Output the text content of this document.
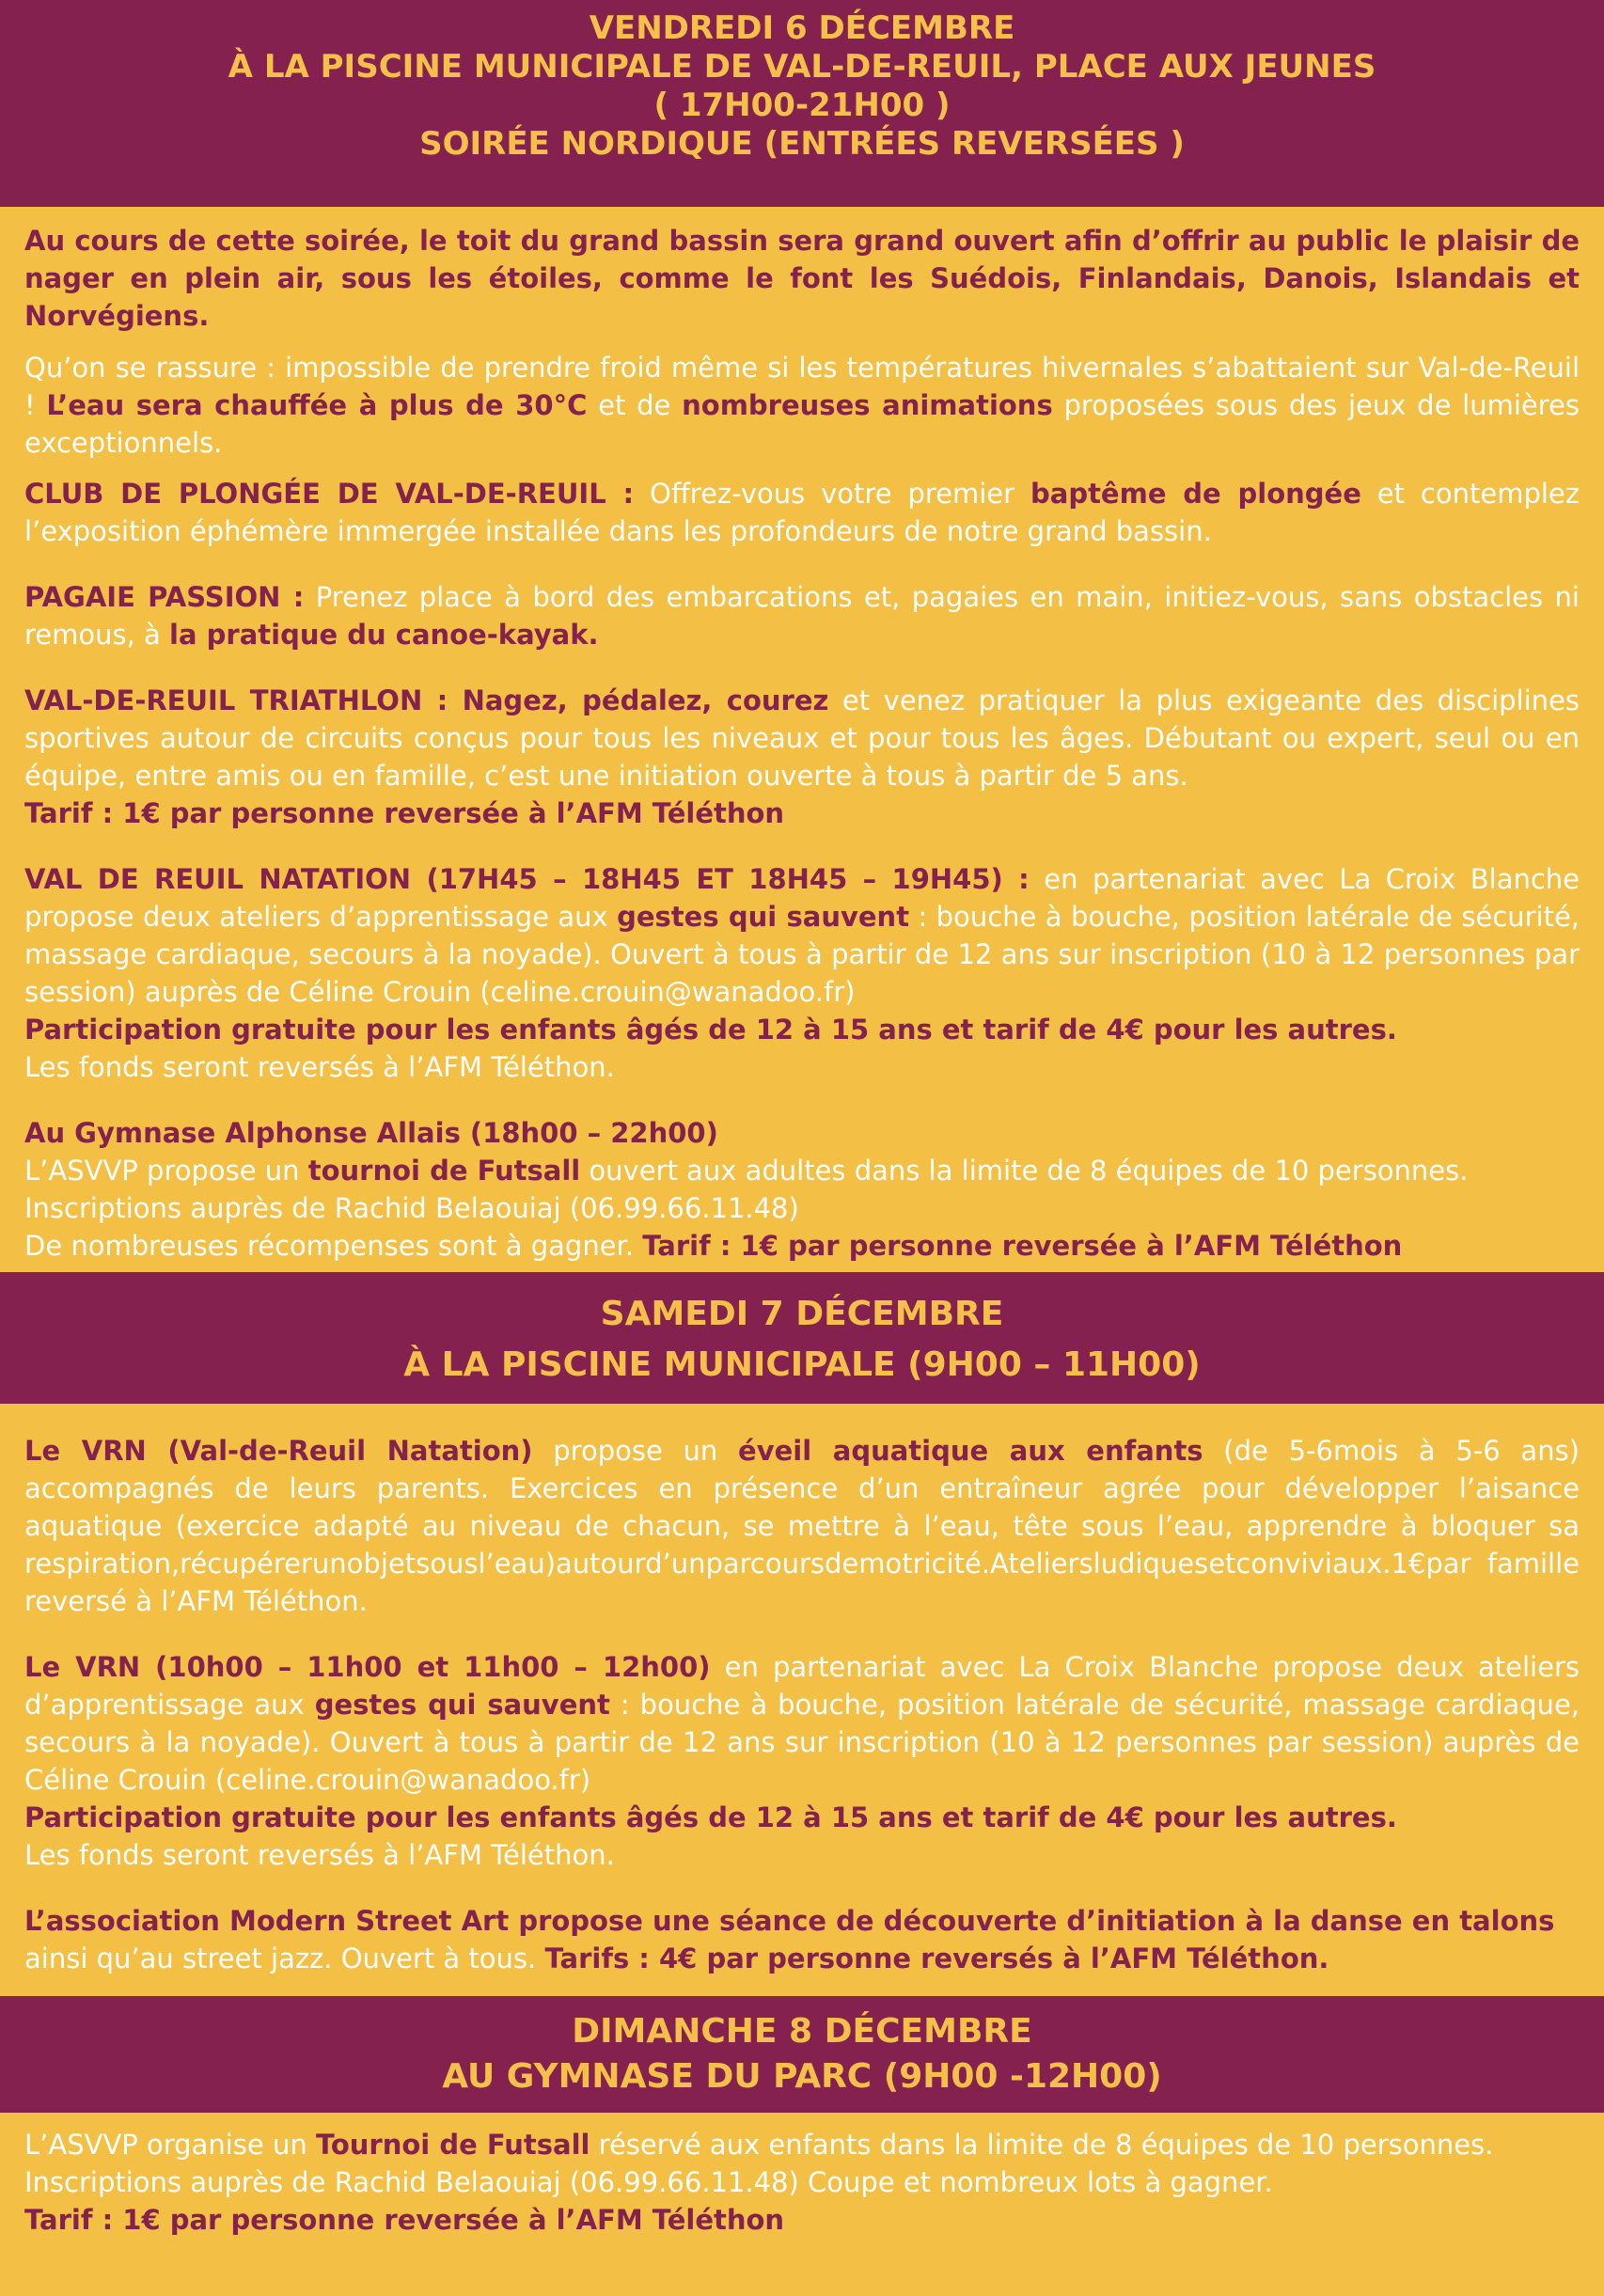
VENDREDI 6 DÉCEMBRE
À LA PISCINE MUNICIPALE DE VAL-DE-REUIL, PLACE AUX JEUNES
( 17H00-21H00 )
SOIRÉE NORDIQUE (ENTRÉES REVERSÉES )

Au cours de cette soirée, le toit du grand bassin sera grand ouvert afin d’offrir au public le plaisir de nager en plein air, sous les étoiles, comme le font les Suédois, Finlandais, Danois, Islandais et Norvégiens.

Qu’on se rassure : impossible de prendre froid même si les températures hivernales s’abattaient sur Val-de-Reuil ! L’eau sera chauffée à plus de 30°C et de nombreuses animations proposées sous des jeux de lumières exceptionnels.

CLUB DE PLONGÉE DE VAL-DE-REUIL : Offrez-vous votre premier baptême de plongée et contemplez l’exposition éphémère immergée installée dans les profondeurs de notre grand bassin.

PAGAIE PASSION : Prenez place à bord des embarcations et, pagaies en main, initiez-vous, sans obstacles ni remous, à la pratique du canoe-kayak.

VAL-DE-REUIL TRIATHLON : Nagez, pédalez, courez et venez pratiquer la plus exigeante des disciplines sportives autour de circuits conçus pour tous les niveaux et pour tous les âges. Débutant ou expert, seul ou en équipe, entre amis ou en famille, c’est une initiation ouverte à tous à partir de 5 ans.
Tarif : 1€ par personne reversée à l’AFM Téléthon

VAL DE REUIL NATATION (17H45 – 18H45 ET 18H45 – 19H45) : en partenariat avec La Croix Blanche propose deux ateliers d’apprentissage aux gestes qui sauvent : bouche à bouche, position latérale de sécurité, massage cardiaque, secours à la noyade). Ouvert à tous à partir de 12 ans sur inscription (10 à 12 personnes par session) auprès de Céline Crouin (celine.crouin@wanadoo.fr)
Participation gratuite pour les enfants âgés de 12 à 15 ans et tarif de 4€ pour les autres.
Les fonds seront reversés à l’AFM Téléthon.

Au Gymnase Alphonse Allais (18h00 – 22h00)
L’ASVVP propose un tournoi de Futsall ouvert aux adultes dans la limite de 8 équipes de 10 personnes.
Inscriptions auprès de Rachid Belaouiaj (06.99.66.11.48)
De nombreuses récompenses sont à gagner. Tarif : 1€ par personne reversée à l’AFM Téléthon

SAMEDI 7 DÉCEMBRE
À LA PISCINE MUNICIPALE (9H00 – 11H00)

Le VRN (Val-de-Reuil Natation) propose un éveil aquatique aux enfants (de 5-6mois à 5-6 ans) accompagnés de leurs parents. Exercices en présence d’un entraîneur agrée pour développer l’aisance aquatique (exercice adapté au niveau de chacun, se mettre à l’eau, tête sous l’eau, apprendre à bloquer sa respiration,récupérerunobjetsousl’eau)autourd’unparcoursdemotricité.Ateliersludiquesetconviviaux.1€par famille reversé à l’AFM Téléthon.

Le VRN (10h00 – 11h00 et 11h00 – 12h00) en partenariat avec La Croix Blanche propose deux ateliers d’apprentissage aux gestes qui sauvent : bouche à bouche, position latérale de sécurité, massage cardiaque, secours à la noyade). Ouvert à tous à partir de 12 ans sur inscription (10 à 12 personnes par session) auprès de Céline Crouin (celine.crouin@wanadoo.fr)
Participation gratuite pour les enfants âgés de 12 à 15 ans et tarif de 4€ pour les autres.
Les fonds seront reversés à l’AFM Téléthon.

L’association Modern Street Art propose une séance de découverte d’initiation à la danse en talons
ainsi qu’au street jazz. Ouvert à tous. Tarifs : 4€ par personne reversés à l’AFM Téléthon.

DIMANCHE 8 DÉCEMBRE
AU GYMNASE DU PARC (9H00 -12H00)

L’ASVVP organise un Tournoi de Futsall réservé aux enfants dans la limite de 8 équipes de 10 personnes.
Inscriptions auprès de Rachid Belaouiaj (06.99.66.11.48) Coupe et nombreux lots à gagner.
Tarif : 1€ par personne reversée à l’AFM Téléthon
